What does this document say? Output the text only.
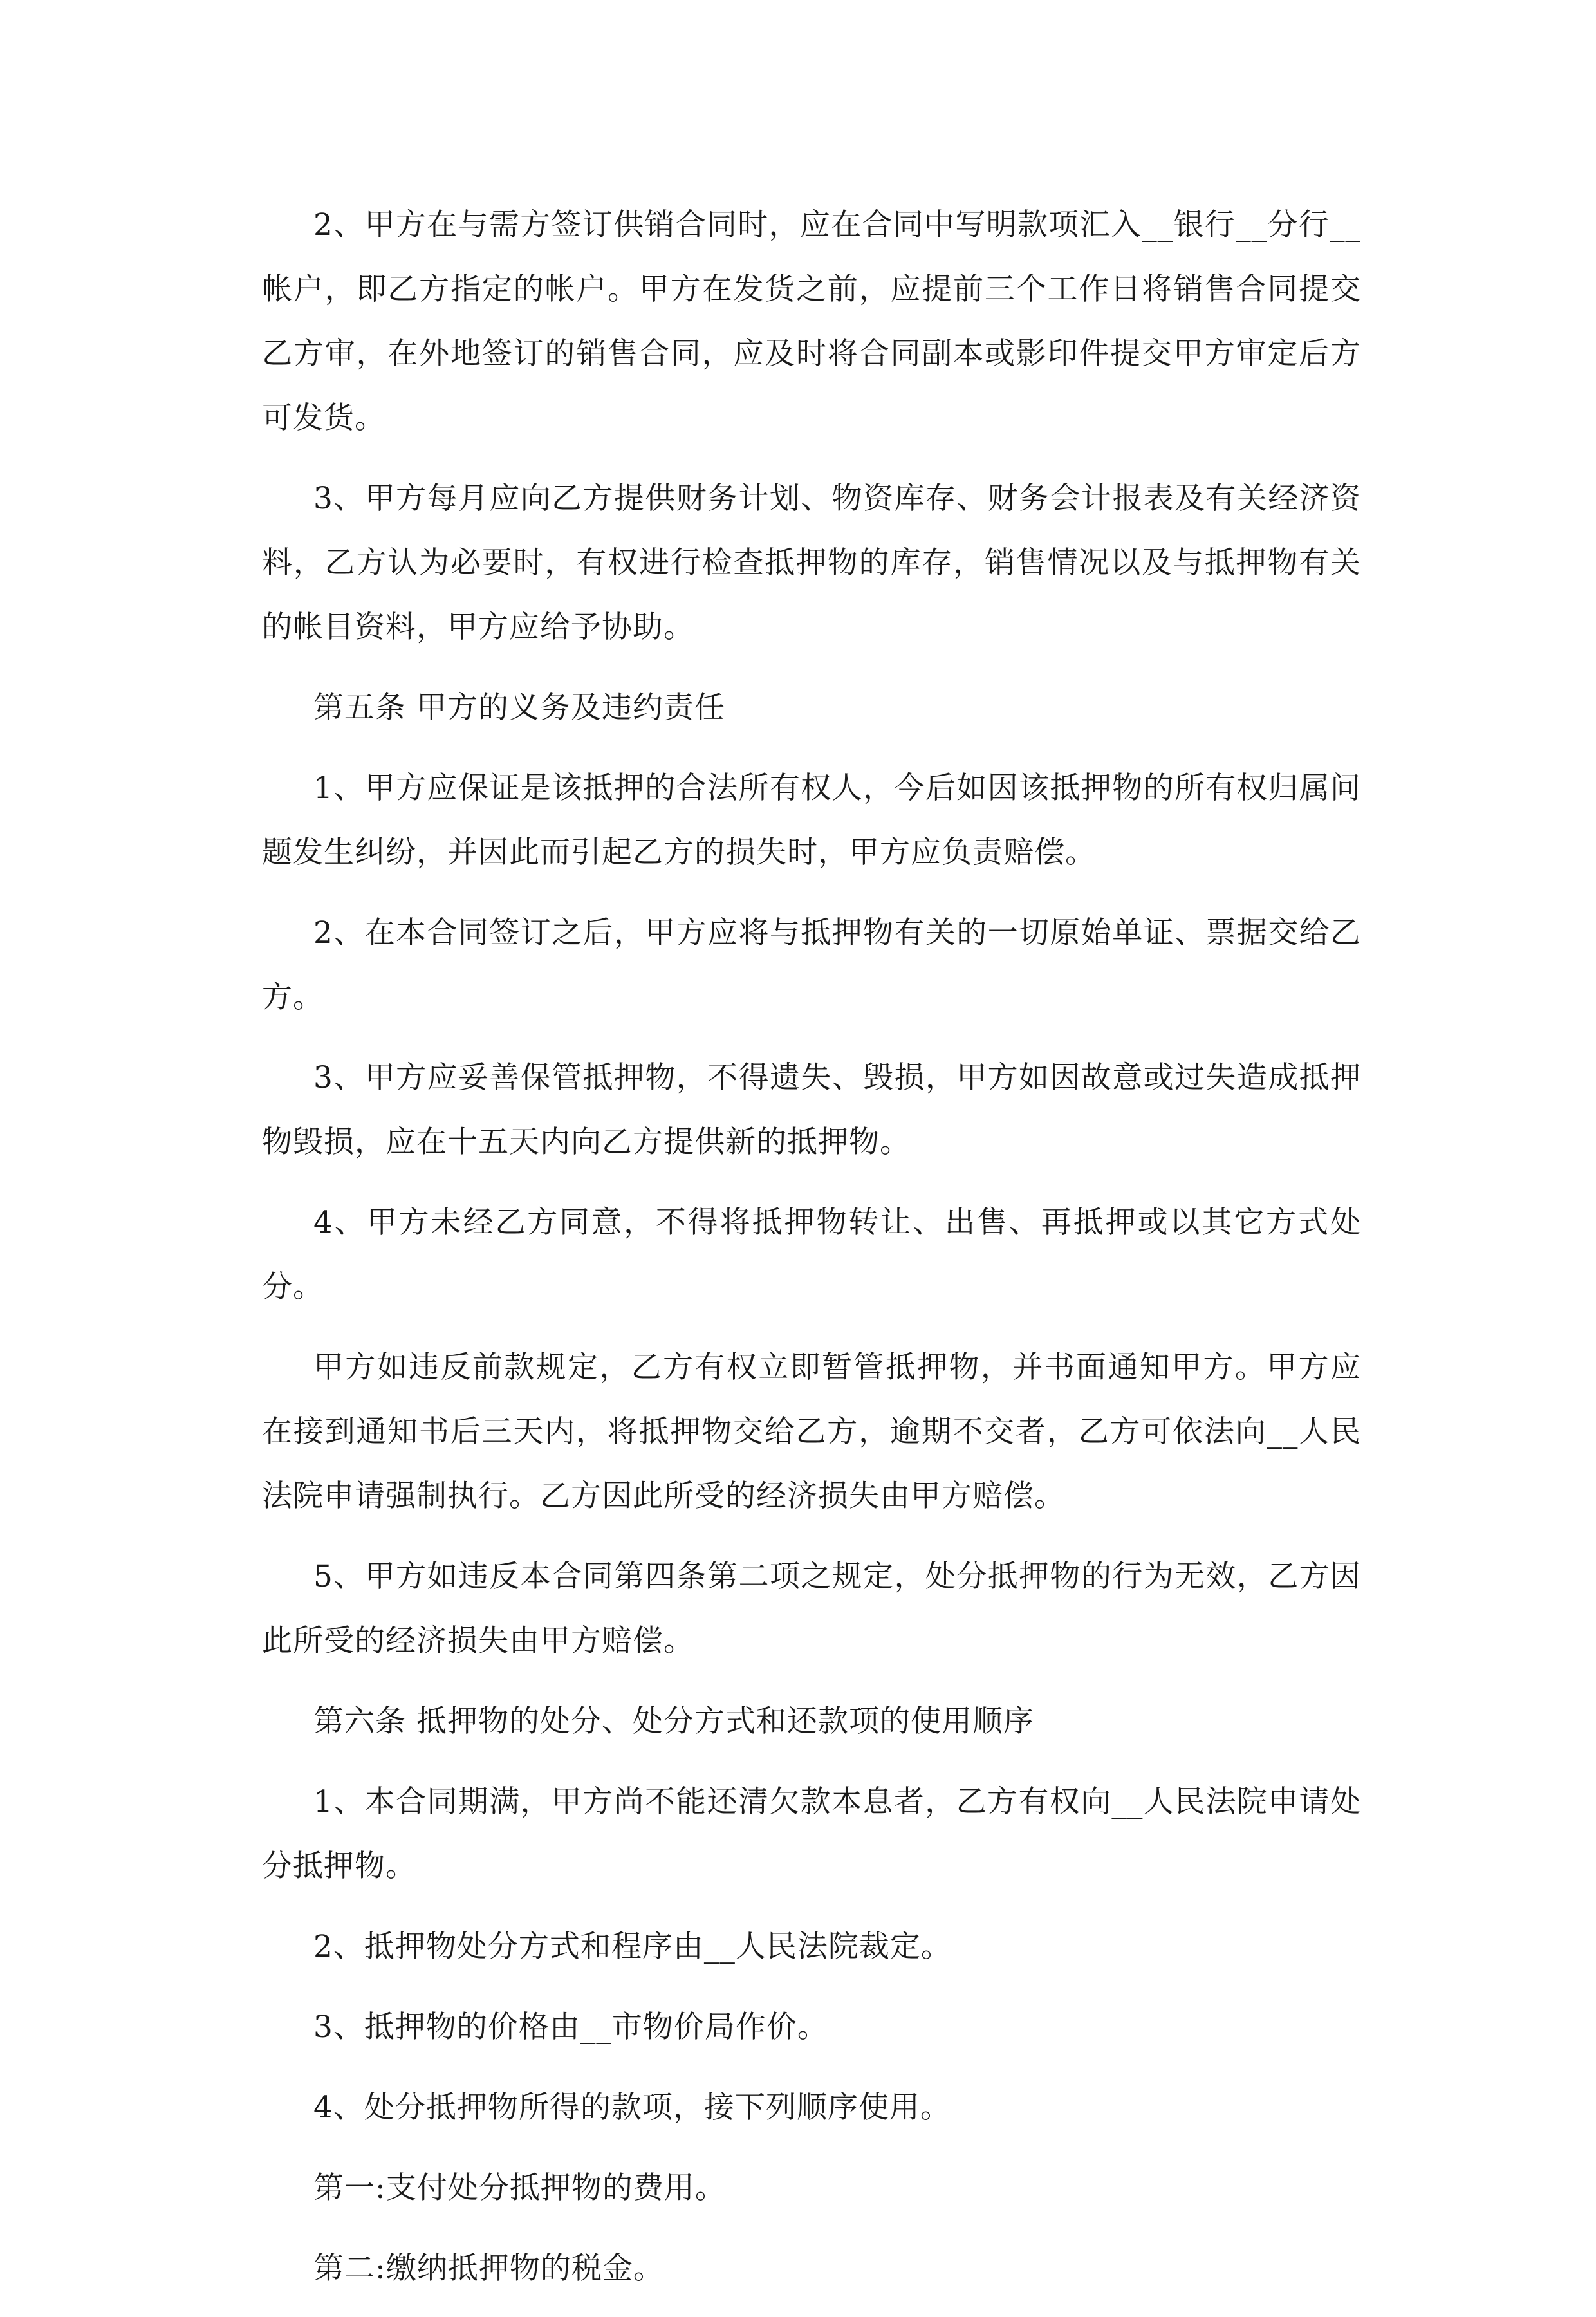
2、甲方在与需方签订供销合同时，应在合同中写明款项汇入__银行__分行__帐户，即乙方指定的帐户。甲方在发货之前，应提前三个工作日将销售合同提交乙方审，在外地签订的销售合同，应及时将合同副本或影印件提交甲方审定后方可发货。

3、甲方每月应向乙方提供财务计划、物资库存、财务会计报表及有关经济资料，乙方认为必要时，有权进行检查抵押物的库存，销售情况以及与抵押物有关的帐目资料，甲方应给予协助。

第五条 甲方的义务及违约责任

1、甲方应保证是该抵押的合法所有权人，今后如因该抵押物的所有权归属问题发生纠纷，并因此而引起乙方的损失时，甲方应负责赔偿。

2、在本合同签订之后，甲方应将与抵押物有关的一切原始单证、票据交给乙方。

3、甲方应妥善保管抵押物，不得遗失、毁损，甲方如因故意或过失造成抵押物毁损，应在十五天内向乙方提供新的抵押物。

4、甲方未经乙方同意，不得将抵押物转让、出售、再抵押或以其它方式处分。

甲方如违反前款规定，乙方有权立即暂管抵押物，并书面通知甲方。甲方应在接到通知书后三天内，将抵押物交给乙方，逾期不交者，乙方可依法向__人民法院申请强制执行。乙方因此所受的经济损失由甲方赔偿。

5、甲方如违反本合同第四条第二项之规定，处分抵押物的行为无效，乙方因此所受的经济损失由甲方赔偿。

第六条 抵押物的处分、处分方式和还款项的使用顺序

1、本合同期满，甲方尚不能还清欠款本息者，乙方有权向__人民法院申请处分抵押物。

2、抵押物处分方式和程序由__人民法院裁定。

3、抵押物的价格由__市物价局作价。

4、处分抵押物所得的款项，接下列顺序使用。

第一:支付处分抵押物的费用。

第二:缴纳抵押物的税金。
